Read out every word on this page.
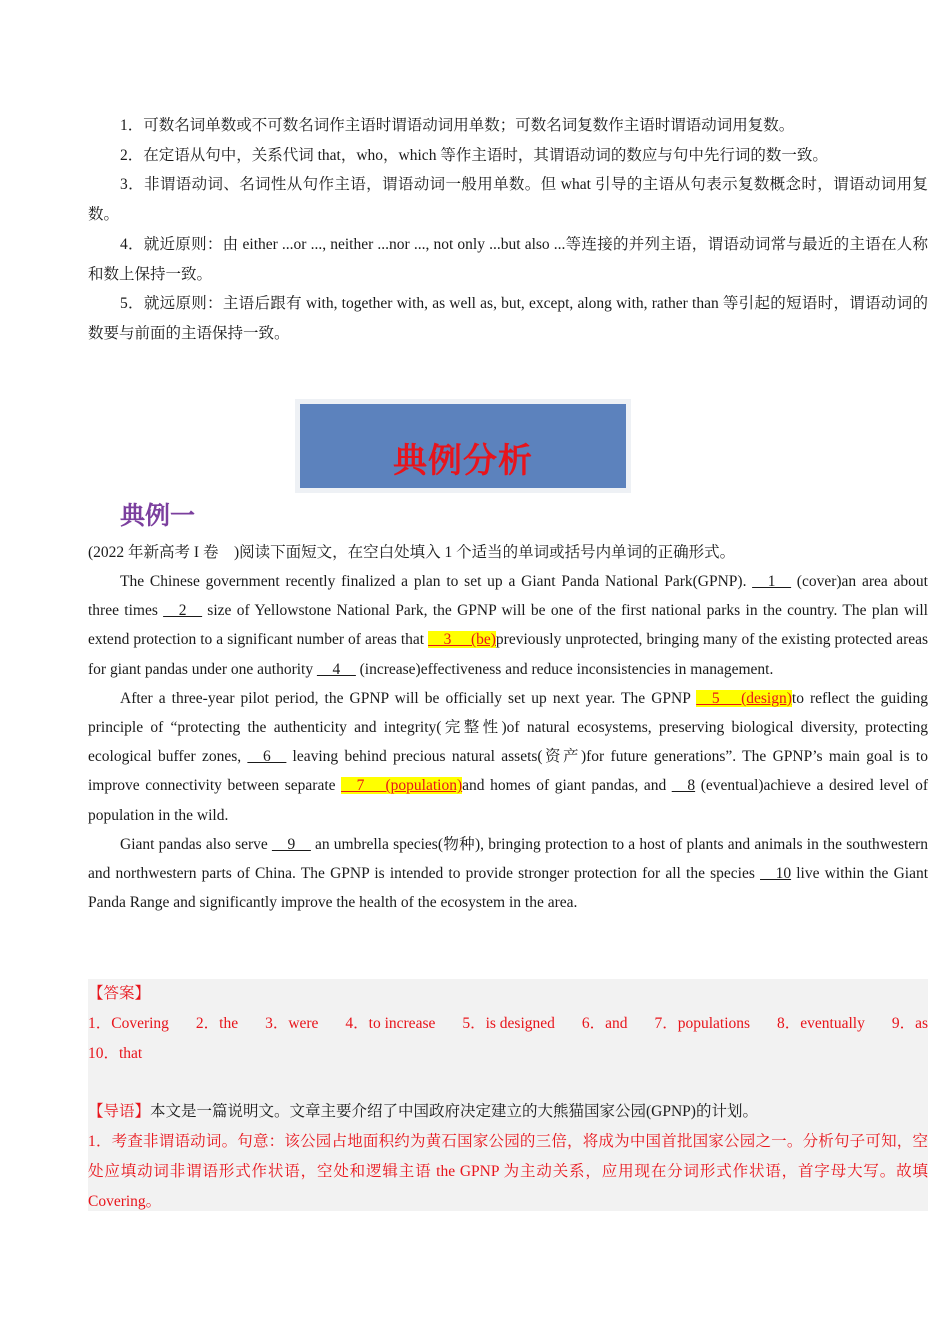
1．可数名词单数或不可数名词作主语时谓语动词用单数；可数名词复数作主语时谓语动词用复数。

2．在定语从句中，关系代词 that，who，which 等作主语时，其谓语动词的数应与句中先行词的数一致。

3．非谓语动词、名词性从句作主语，谓语动词一般用单数。但 what 引导的主语从句表示复数概念时，谓语动词用复数。

4．就近原则：由 either ...or ..., neither ...nor ..., not only ...but also ...等连接的并列主语，谓语动词常与最近的主语在人称和数上保持一致。

5．就远原则：主语后跟有 with, together with, as well as, but, except, along with, rather than 等引起的短语时，谓语动词的数要与前面的主语保持一致。

典例分析
典例一

(2022 年新高考 I 卷　)阅读下面短文，在空白处填入 1 个适当的单词或括号内单词的正确形式。

The Chinese government recently finalized a plan to set up a Giant Panda National Park(GPNP). __1__ (cover)an area about three times __2__ size of Yellowstone National Park, the GPNP will be one of the first national parks in the country. The plan will extend protection to a significant number of areas that __3__ (be)previously unprotected, bringing many of the existing protected areas for giant pandas under one authority __4__ (increase)effectiveness and reduce inconsistencies in management.

After a three-year pilot period, the GPNP will be officially set up next year. The GPNP __5__ (design)to reflect the guiding principle of “protecting the authenticity and integrity(完整性)of natural ecosystems, preserving biological diversity, protecting ecological buffer zones, __6__ leaving behind precious natural assets(资产)for future generations”. The GPNP’s main goal is to improve connectivity between separate __7__ (population)and homes of giant pandas, and __8 (eventual)achieve a desired level of population in the wild.

Giant pandas also serve __9__ an umbrella species(物种), bringing protection to a host of plants and animals in the southwestern and northwestern parts of China. The GPNP is intended to provide stronger protection for all the species __10 live within the Giant Panda Range and significantly improve the health of the ecosystem in the area.

【答案】

1．Covering 2．the 3．were 4．to increase 5．is designed 6．and 7．populations 8．eventually 9．as

10．that

【导语】本文是一篇说明文。文章主要介绍了中国政府决定建立的大熊猫国家公园(GPNP)的计划。

1．考查非谓语动词。句意：该公园占地面积约为黄石国家公园的三倍，将成为中国首批国家公园之一。分析句子可知，空处应填动词非谓语形式作状语，空处和逻辑主语 the GPNP 为主动关系，应用现在分词形式作状语，首字母大写。故填 Covering。
